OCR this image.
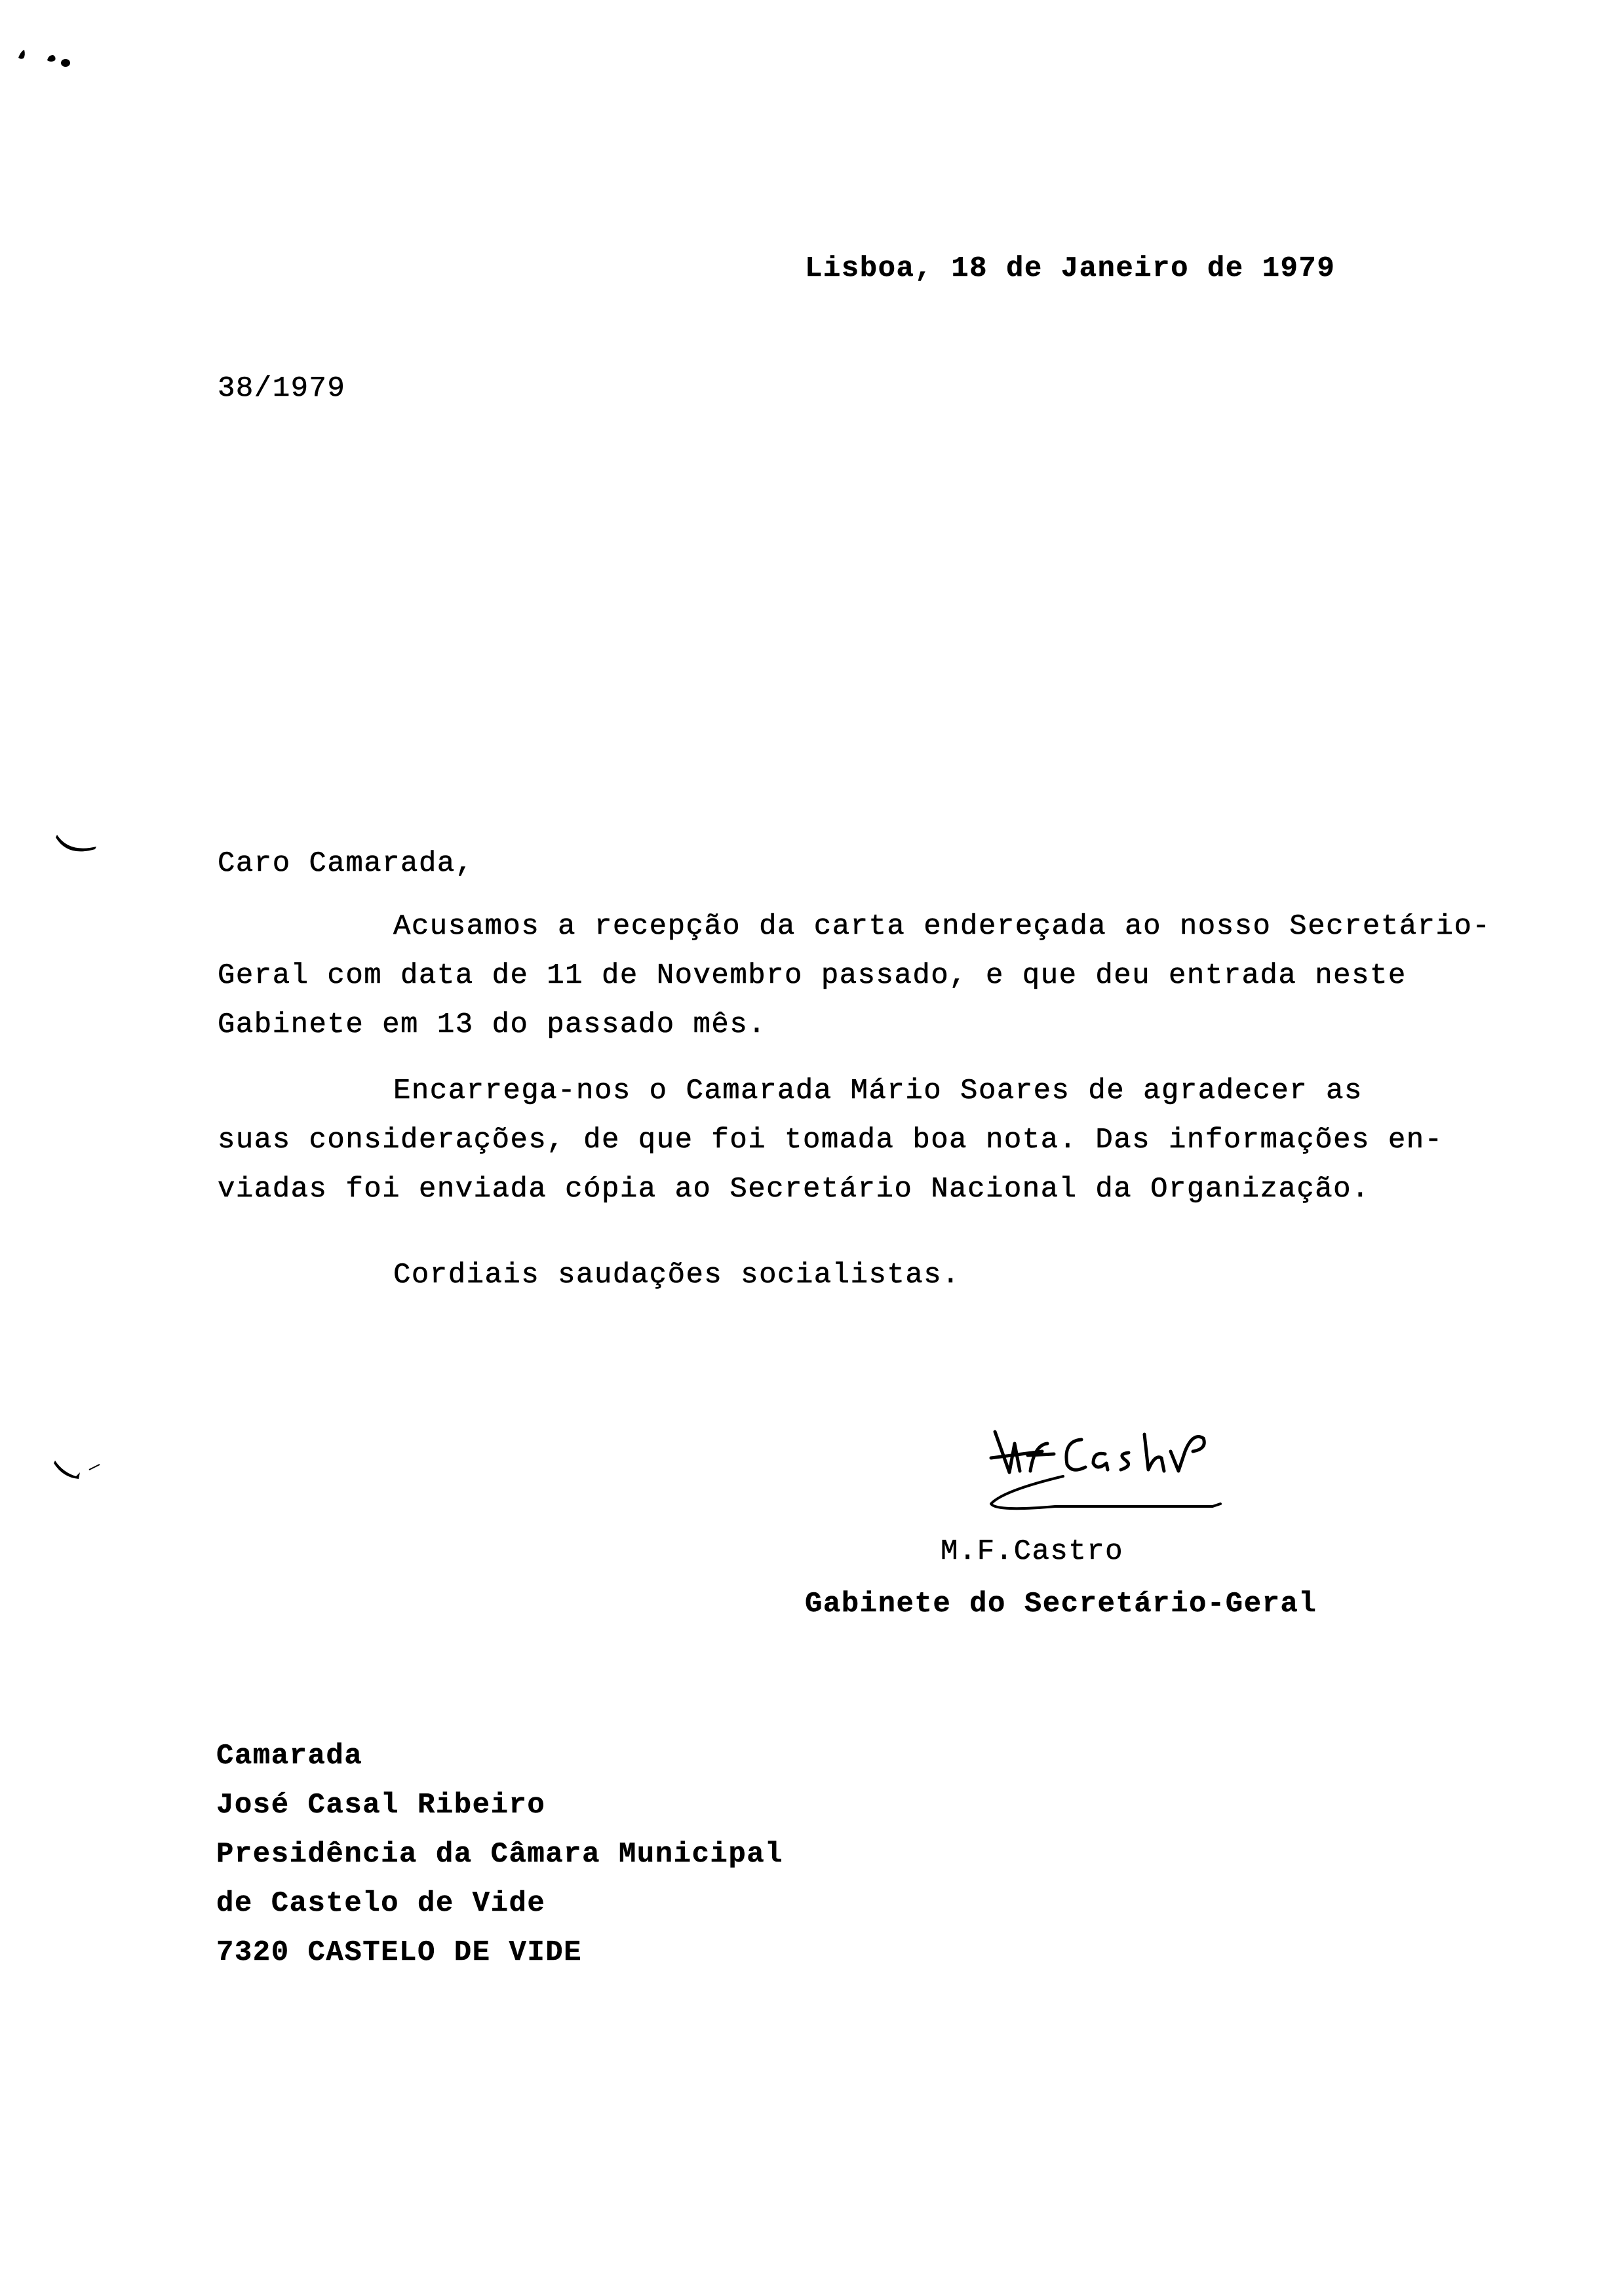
Lisboa, 18 de Janeiro de 1979
38/1979
Caro Camarada,
Acusamos a recepção da carta endereçada ao nosso Secretário-
Geral com data de 11 de Novembro passado, e que deu entrada neste
Gabinete em 13 do passado mês.
Encarrega-nos o Camarada Mário Soares de agradecer as
suas considerações, de que foi tomada boa nota. Das informações en-
viadas foi enviada cópia ao Secretário Nacional da Organização.
Cordiais saudações socialistas.
M.F.Castro
Gabinete do Secretário-Geral
Camarada
José Casal Ribeiro
Presidência da Câmara Municipal
de Castelo de Vide
7320 CASTELO DE VIDE
